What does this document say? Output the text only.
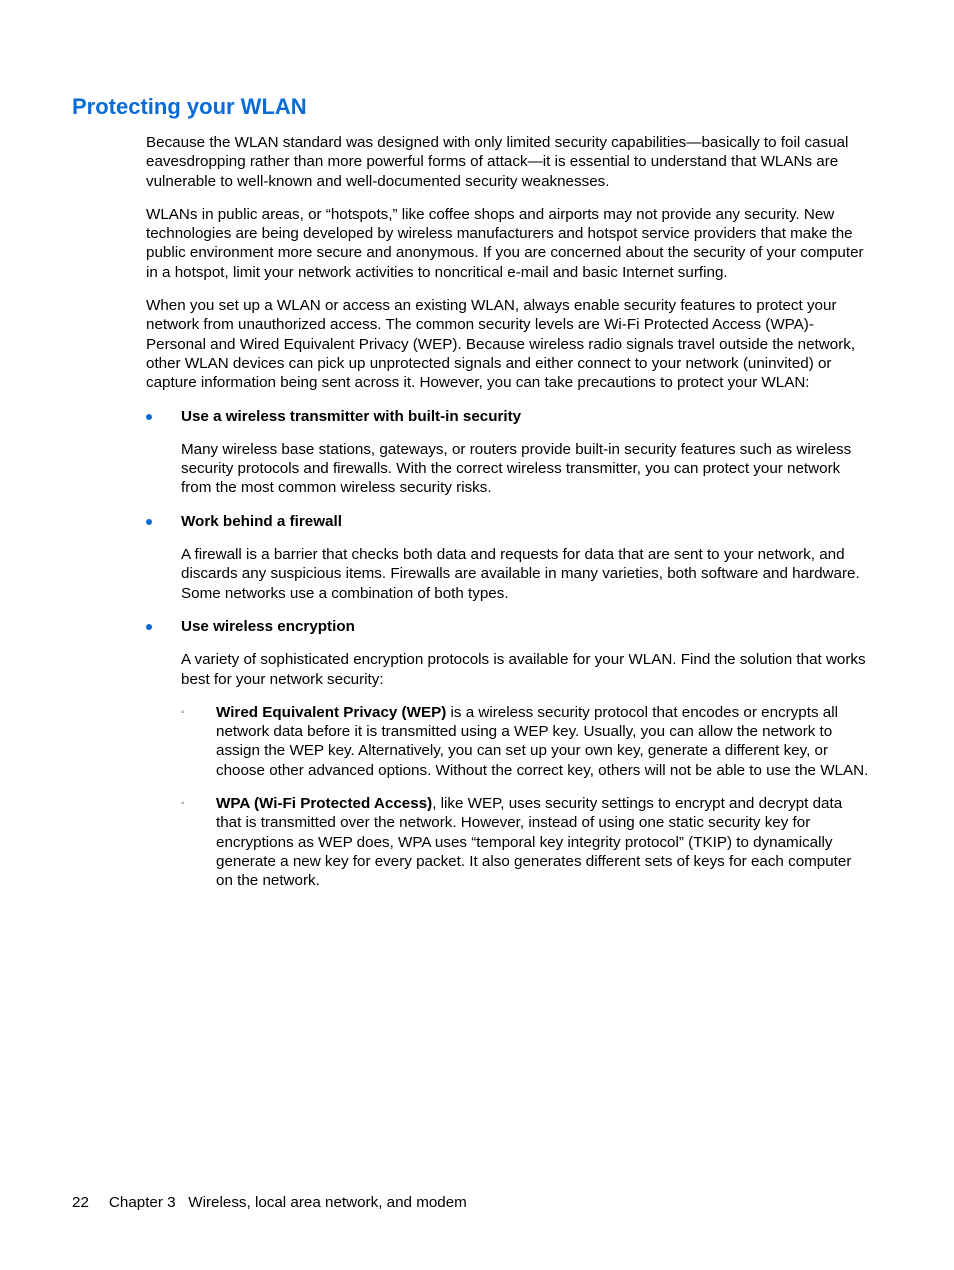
Protecting your WLAN

Because the WLAN standard was designed with only limited security capabilities—basically to foil casual eavesdropping rather than more powerful forms of attack—it is essential to understand that WLANs are vulnerable to well-known and well-documented security weaknesses.

WLANs in public areas, or “hotspots,” like coffee shops and airports may not provide any security. New technologies are being developed by wireless manufacturers and hotspot service providers that make the public environment more secure and anonymous. If you are concerned about the security of your computer in a hotspot, limit your network activities to noncritical e-mail and basic Internet surfing.

When you set up a WLAN or access an existing WLAN, always enable security features to protect your network from unauthorized access. The common security levels are Wi-Fi Protected Access (WPA)-Personal and Wired Equivalent Privacy (WEP). Because wireless radio signals travel outside the network, other WLAN devices can pick up unprotected signals and either connect to your network (uninvited) or capture information being sent across it. However, you can take precautions to protect your WLAN:

Use a wireless transmitter with built-in security

Many wireless base stations, gateways, or routers provide built-in security features such as wireless security protocols and firewalls. With the correct wireless transmitter, you can protect your network from the most common wireless security risks.

Work behind a firewall

A firewall is a barrier that checks both data and requests for data that are sent to your network, and discards any suspicious items. Firewalls are available in many varieties, both software and hardware. Some networks use a combination of both types.

Use wireless encryption

A variety of sophisticated encryption protocols is available for your WLAN. Find the solution that works best for your network security:

◦ Wired Equivalent Privacy (WEP) is a wireless security protocol that encodes or encrypts all network data before it is transmitted using a WEP key. Usually, you can allow the network to assign the WEP key. Alternatively, you can set up your own key, generate a different key, or choose other advanced options. Without the correct key, others will not be able to use the WLAN.
◦ WPA (Wi-Fi Protected Access), like WEP, uses security settings to encrypt and decrypt data that is transmitted over the network. However, instead of using one static security key for encryptions as WEP does, WPA uses “temporal key integrity protocol” (TKIP) to dynamically generate a new key for every packet. It also generates different sets of keys for each computer on the network.
22 Chapter 3 Wireless, local area network, and modem
